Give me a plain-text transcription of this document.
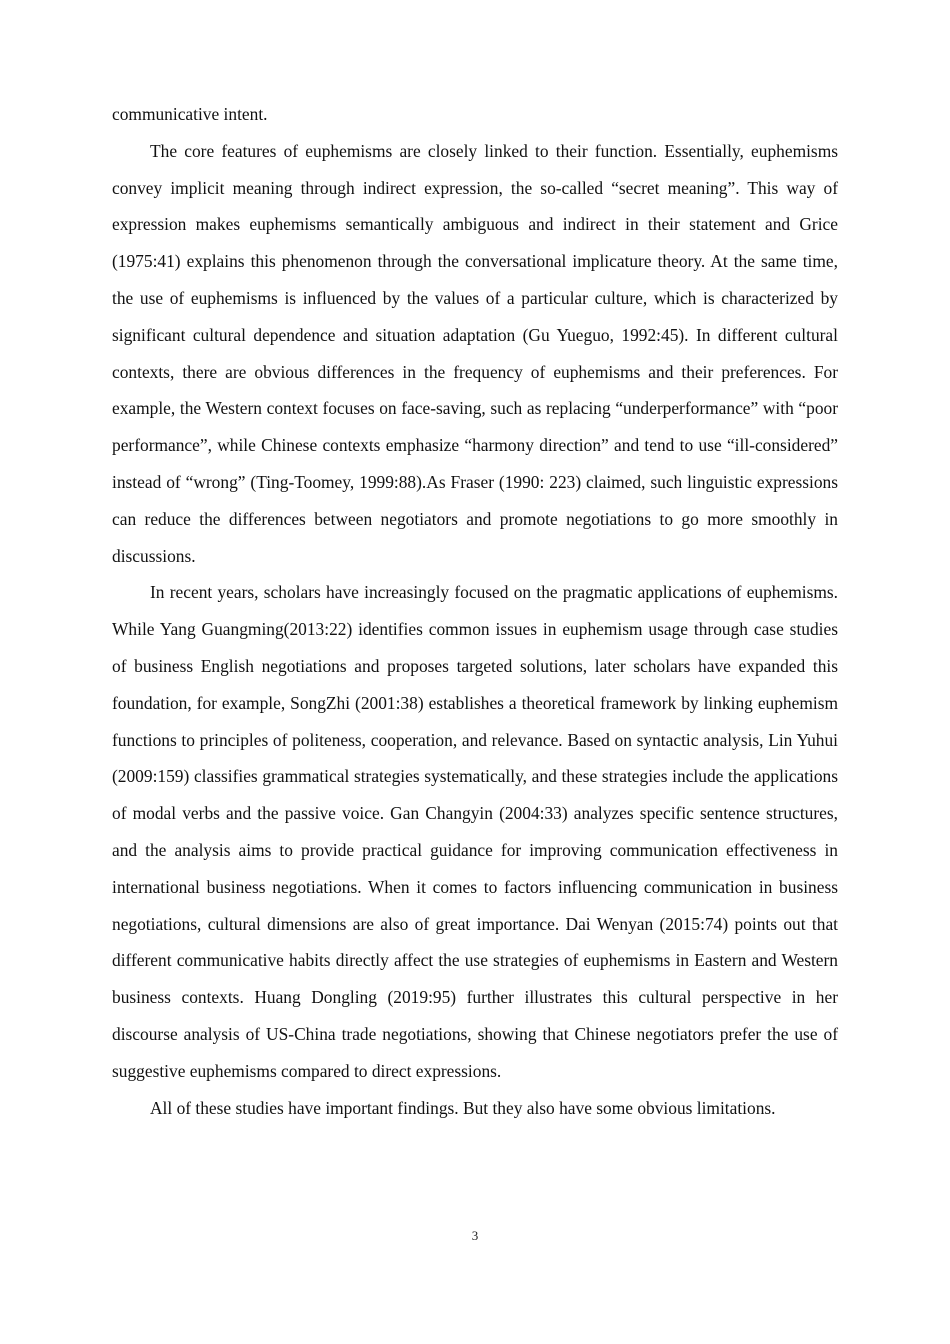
communicative intent.

The core features of euphemisms are closely linked to their function. Essentially, euphemisms convey implicit meaning through indirect expression, the so-called “secret meaning”. This way of expression makes euphemisms semantically ambiguous and indirect in their statement and Grice (1975:41) explains this phenomenon through the conversational implicature theory. At the same time, the use of euphemisms is influenced by the values of a particular culture, which is characterized by significant cultural dependence and situation adaptation (Gu Yueguo, 1992:45). In different cultural contexts, there are obvious differences in the frequency of euphemisms and their preferences. For example, the Western context focuses on face-saving, such as replacing “underperformance” with “poor performance”, while Chinese contexts emphasize “harmony direction” and tend to use “ill-considered” instead of “wrong” (Ting-Toomey, 1999:88).As Fraser (1990: 223) claimed, such linguistic expressions can reduce the differences between negotiators and promote negotiations to go more smoothly in discussions.

In recent years, scholars have increasingly focused on the pragmatic applications of euphemisms. While Yang Guangming(2013:22) identifies common issues in euphemism usage through case studies of business English negotiations and proposes targeted solutions, later scholars have expanded this foundation, for example, SongZhi (2001:38) establishes a theoretical framework by linking euphemism functions to principles of politeness, cooperation, and relevance. Based on syntactic analysis, Lin Yuhui (2009:159) classifies grammatical strategies systematically, and these strategies include the applications of modal verbs and the passive voice. Gan Changyin (2004:33) analyzes specific sentence structures, and the analysis aims to provide practical guidance for improving communication effectiveness in international business negotiations. When it comes to factors influencing communication in business negotiations, cultural dimensions are also of great importance. Dai Wenyan (2015:74) points out that different communicative habits directly affect the use strategies of euphemisms in Eastern and Western business contexts. Huang Dongling (2019:95) further illustrates this cultural perspective in her discourse analysis of US-China trade negotiations, showing that Chinese negotiators prefer the use of suggestive euphemisms compared to direct expressions.

All of these studies have important findings. But they also have some obvious limitations.

3
